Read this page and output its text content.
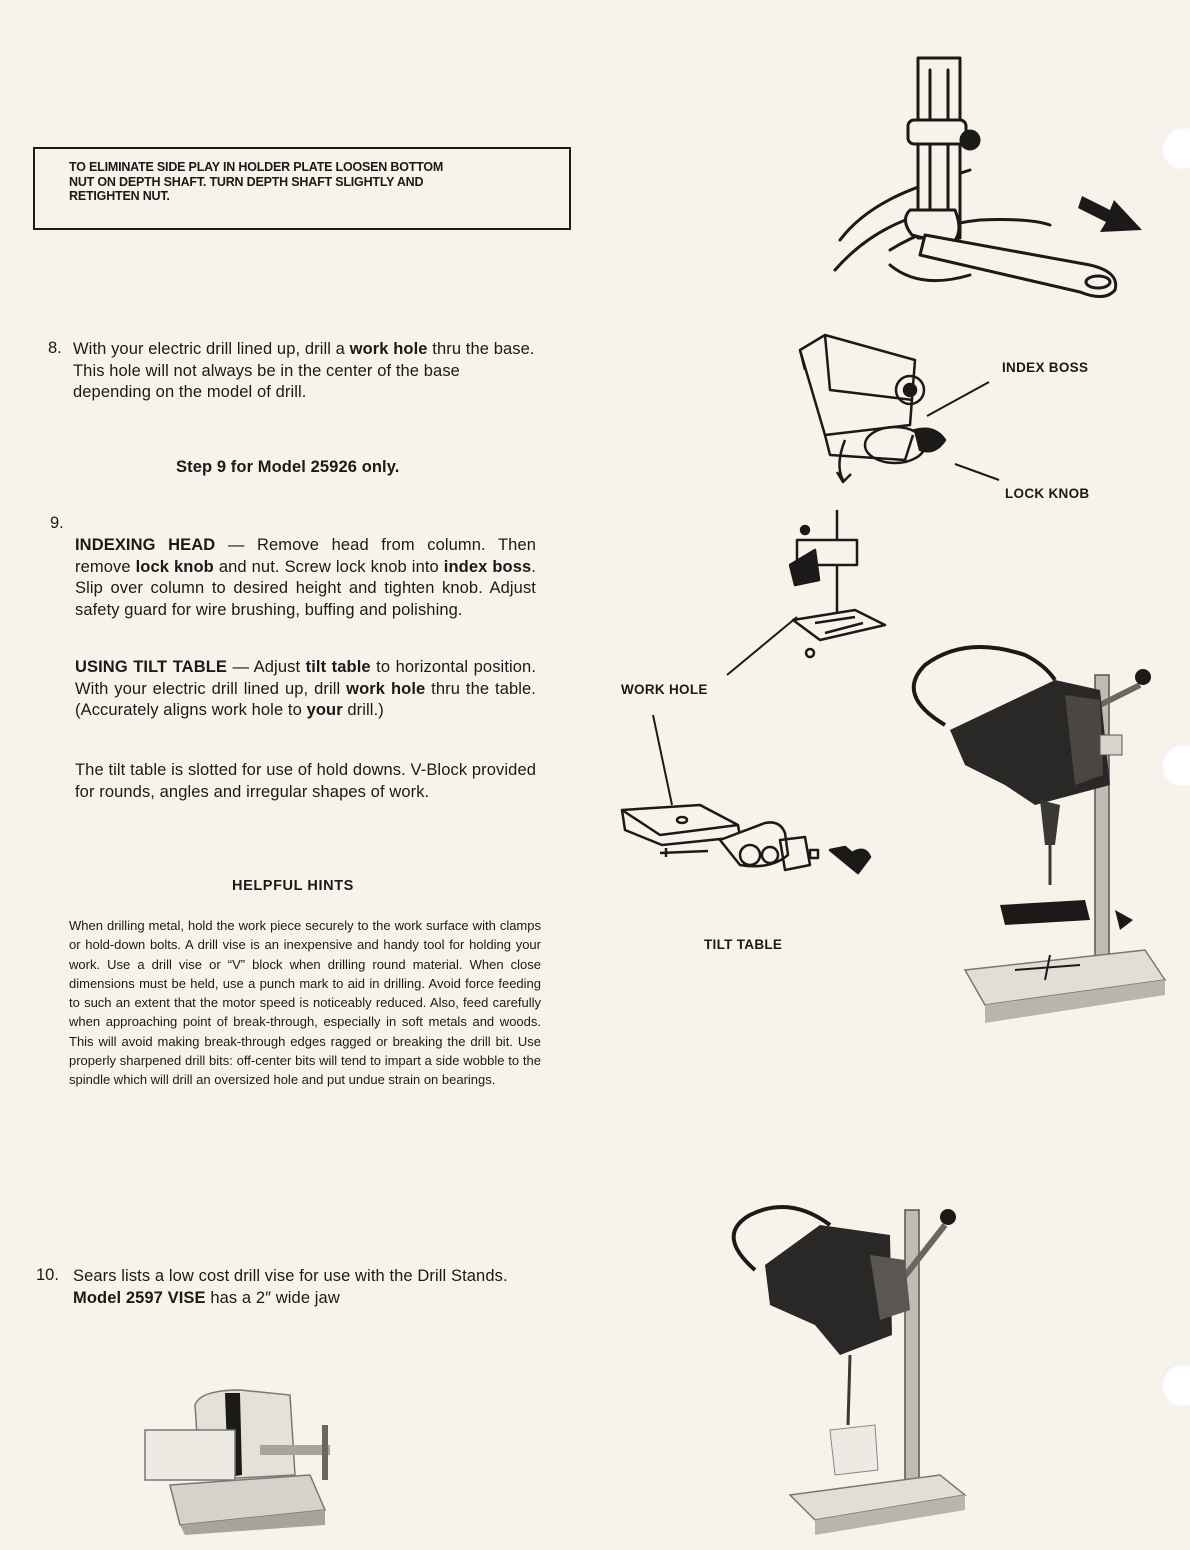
TO ELIMINATE SIDE PLAY IN HOLDER PLATE LOOSEN BOTTOM
NUT ON DEPTH SHAFT. TURN DEPTH SHAFT SLIGHTLY AND
RETIGHTEN NUT.
8. With your electric drill lined up, drill a work hole thru the base. This hole will not always be in the center of the base depending on the model of drill.
Step 9 for Model 25926 only.
9.
INDEXING HEAD — Remove head from column. Then remove lock knob and nut. Screw lock knob into index boss. Slip over column to desired height and tighten knob. Adjust safety guard for wire brushing, buffing and polishing.
USING TILT TABLE — Adjust tilt table to horizontal position. With your electric drill lined up, drill work hole thru the table. (Accurately aligns work hole to your drill.)
The tilt table is slotted for use of hold downs. V-Block provided for rounds, angles and irregular shapes of work.
HELPFUL HINTS
When drilling metal, hold the work piece securely to the work surface with clamps or hold-down bolts. A drill vise is an inexpensive and handy tool for holding your work. Use a drill vise or “V” block when drilling round material. When close dimensions must be held, use a punch mark to aid in drilling. Avoid force feeding to such an extent that the motor speed is noticeably reduced. Also, feed carefully when approaching point of break-through, especially in soft metals and woods. This will avoid making break-through edges ragged or breaking the drill bit. Use properly sharpened drill bits: off-center bits will tend to impart a side wobble to the spindle which will drill an oversized hole and put undue strain on bearings.
10. Sears lists a low cost drill vise for use with the Drill Stands. Model 2597 VISE has a 2″ wide jaw
INDEX BOSS
LOCK KNOB
WORK HOLE
TILT TABLE
